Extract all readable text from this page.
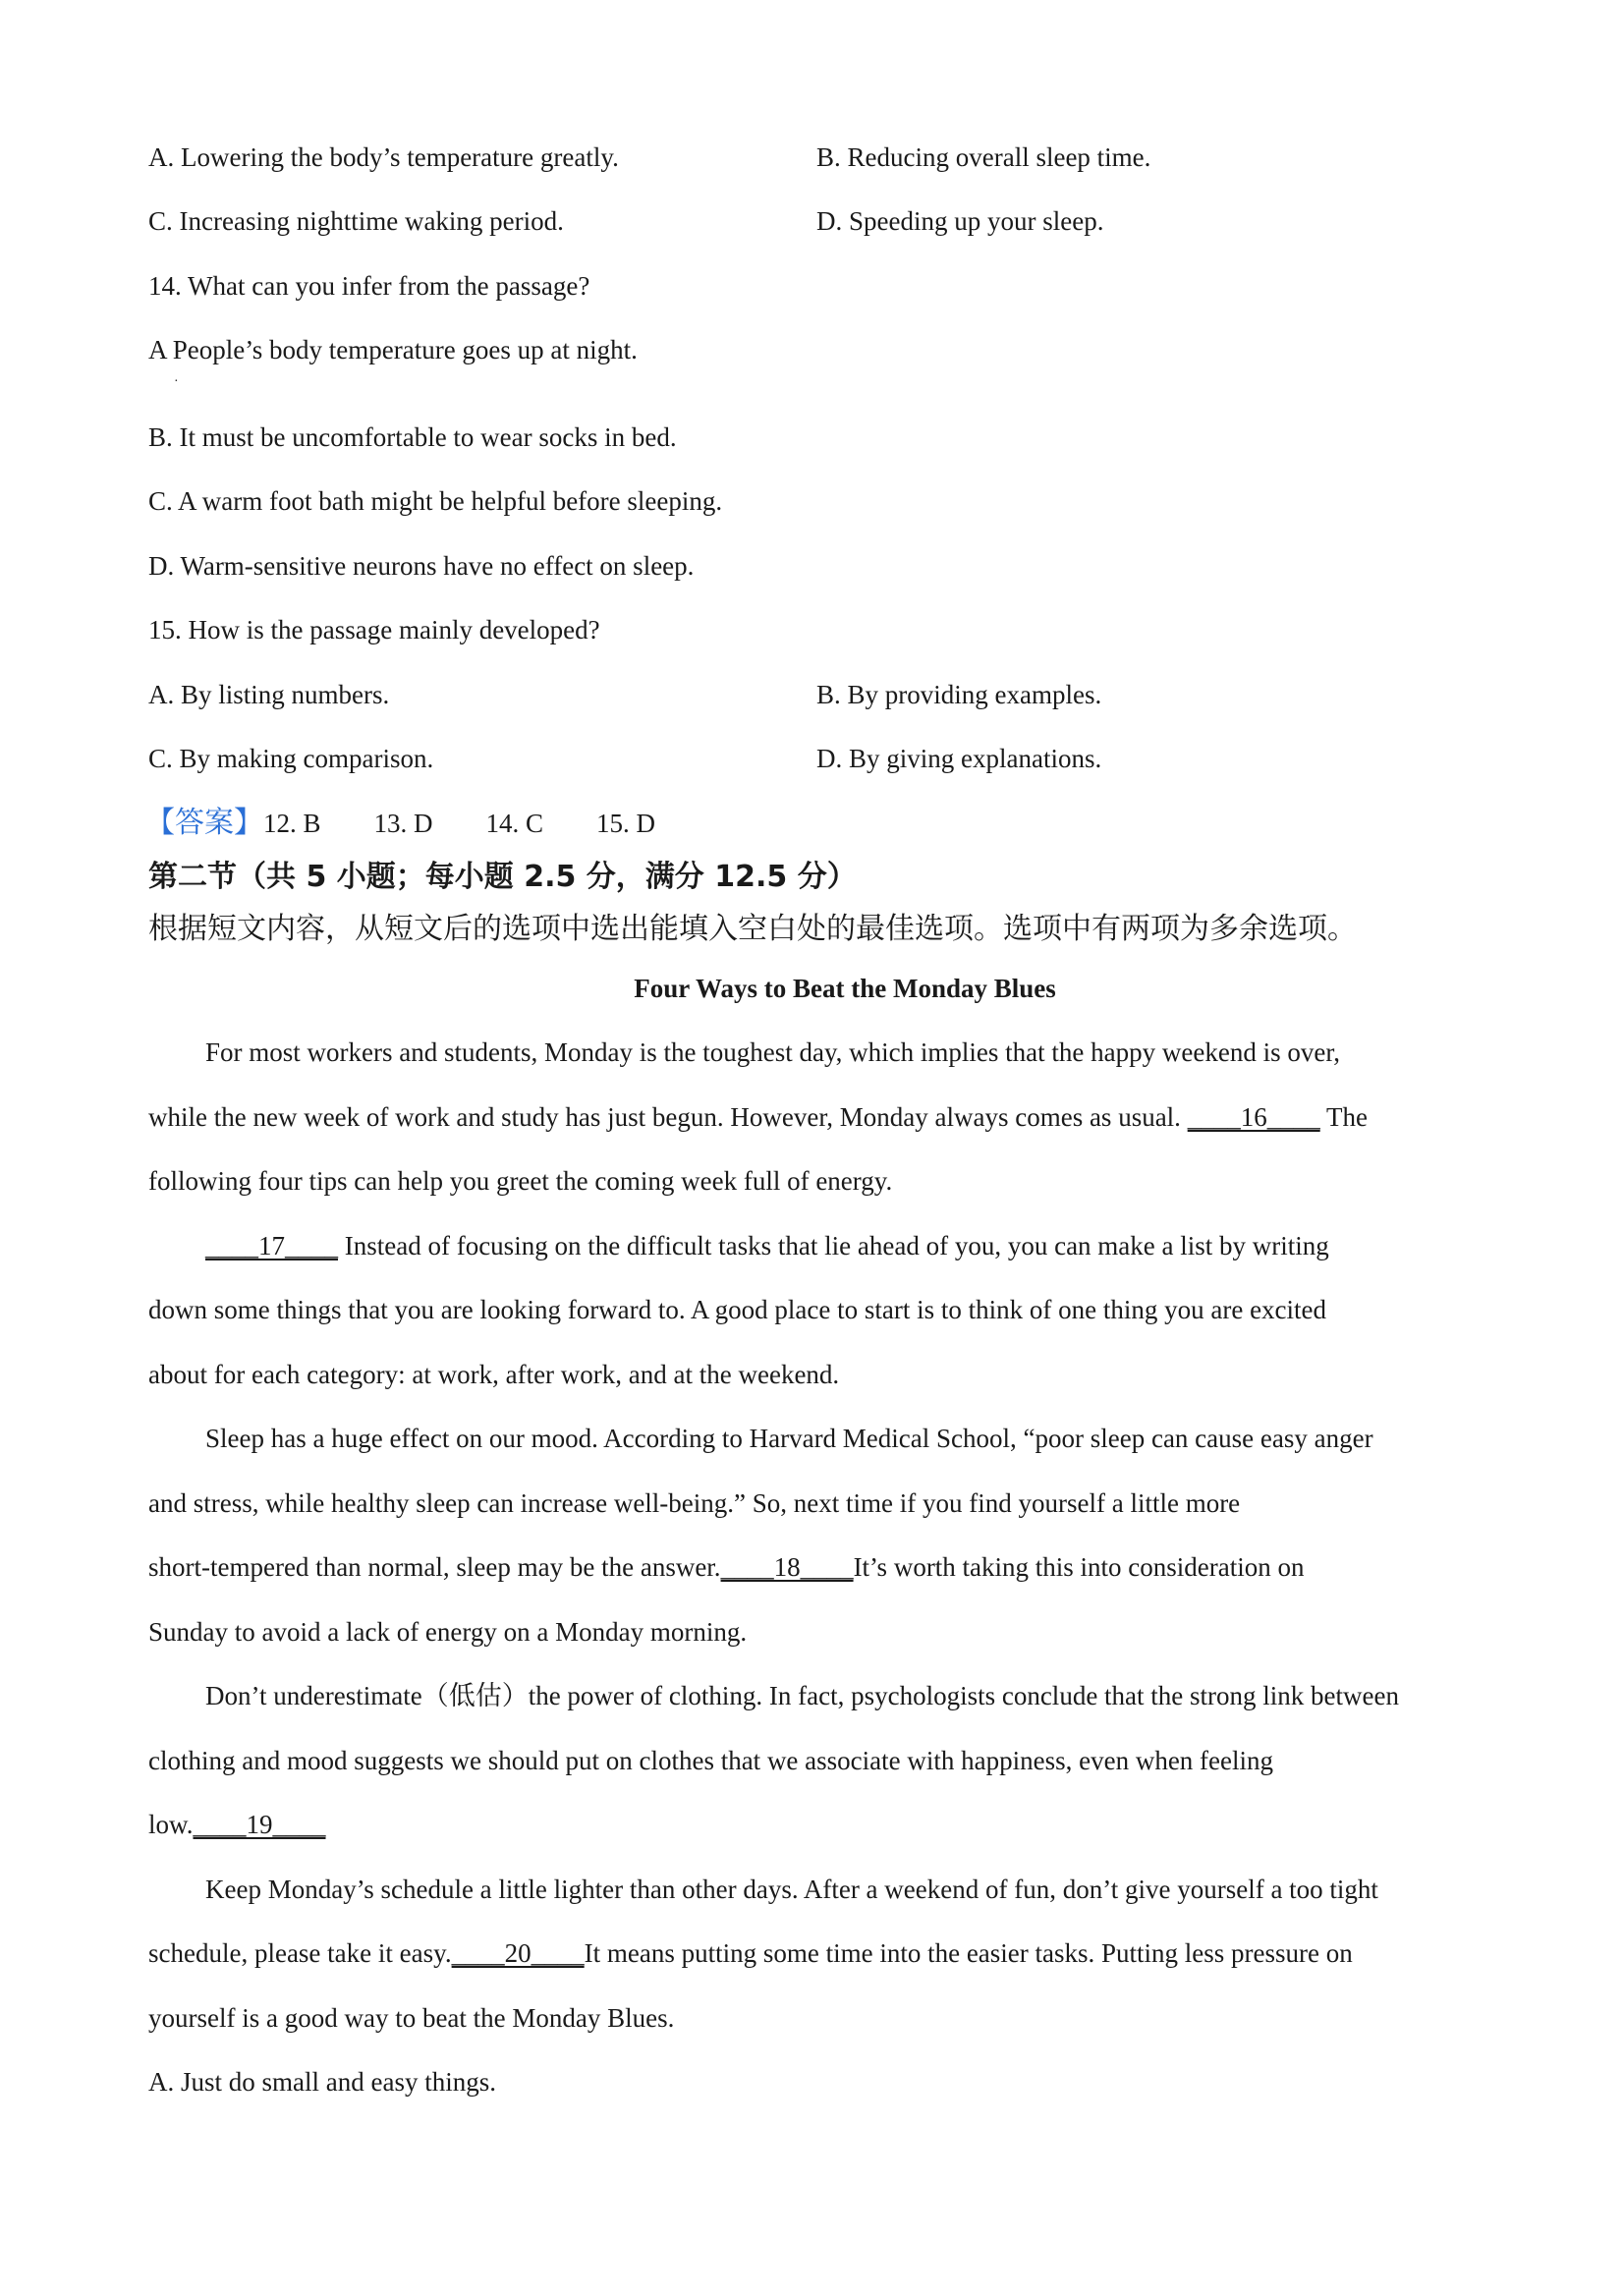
A. Lowering the body’s temperature greatly.	B. Reducing overall sleep time.
C. Increasing nighttime waking period.	D. Speeding up your sleep.
14. What can you infer from the passage?
A People’s body temperature goes up at night.
·
B. It must be uncomfortable to wear socks in bed.
C. A warm foot bath might be helpful before sleeping.
D. Warm-sensitive neurons have no effect on sleep.
15. How is the passage mainly developed?
A. By listing numbers.	B. By providing examples.
C. By making comparison.	D. By giving explanations.
【答案】12. B        13. D        14. C        15. D
第二节（共 5 小题；每小题 2.5 分，满分 12.5 分）
根据短文内容，从短文后的选项中选出能填入空白处的最佳选项。选项中有两项为多余选项。
Four Ways to Beat the Monday Blues
For most workers and students, Monday is the toughest day, which implies that the happy weekend is over,
while the new week of work and study has just begun. However, Monday always comes as usual. ____16____ The
following four tips can help you greet the coming week full of energy.
____17____ Instead of focusing on the difficult tasks that lie ahead of you, you can make a list by writing
down some things that you are looking forward to. A good place to start is to think of one thing you are excited
about for each category: at work, after work, and at the weekend.
Sleep has a huge effect on our mood. According to Harvard Medical School, “poor sleep can cause easy anger
and stress, while healthy sleep can increase well-being.” So, next time if you find yourself a little more
short-tempered than normal, sleep may be the answer.____18____It’s worth taking this into consideration on
Sunday to avoid a lack of energy on a Monday morning.
Don’t underestimate（低估）the power of clothing. In fact, psychologists conclude that the strong link between
clothing and mood suggests we should put on clothes that we associate with happiness, even when feeling
low.____19____
Keep Monday’s schedule a little lighter than other days. After a weekend of fun, don’t give yourself a too tight
schedule, please take it easy.____20____It means putting some time into the easier tasks. Putting less pressure on
yourself is a good way to beat the Monday Blues.
A. Just do small and easy things.
